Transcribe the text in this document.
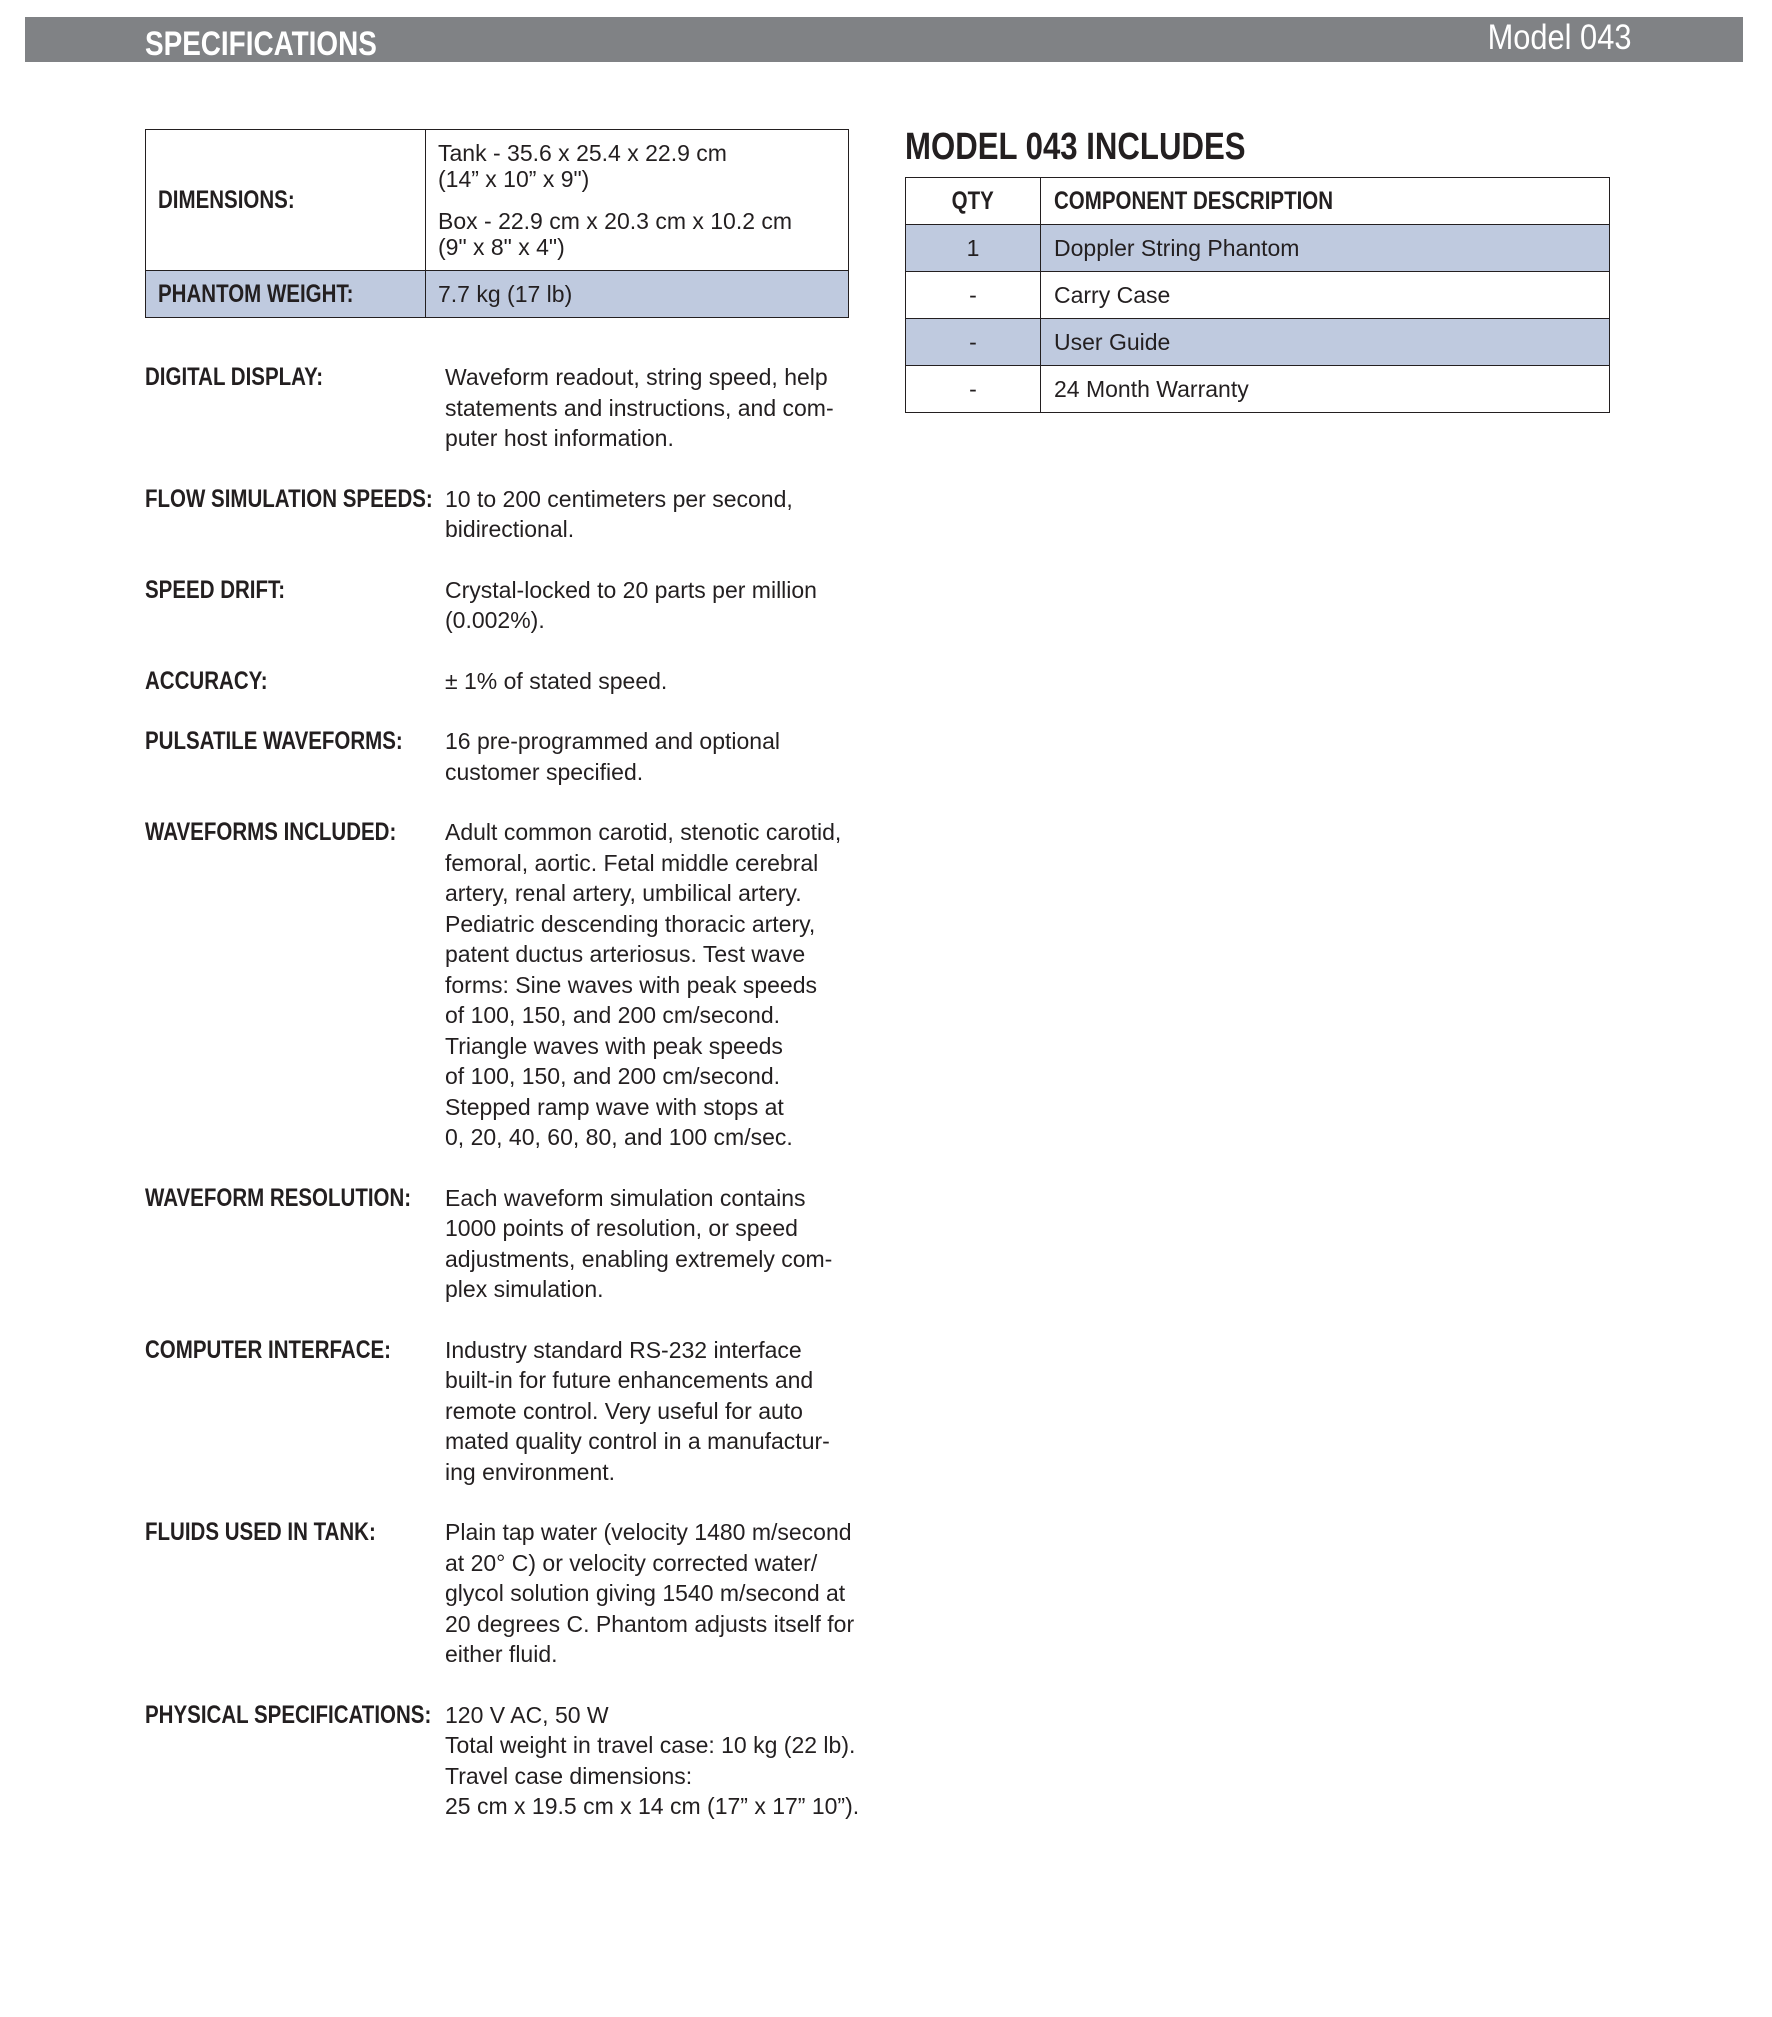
SPECIFICATIONS	Model 043
DIMENSIONS:	Tank - 35.6 x 25.4 x 22.9 cm
(14” x 10” x 9")
Box - 22.9 cm x 20.3 cm x 10.2 cm
(9" x 8" x 4")

PHANTOM WEIGHT:	7.7 kg (17 lb)
DIGITAL DISPLAY:	Waveform readout, string speed, help
statements and instructions, and com-
puter host information.
FLOW SIMULATION SPEEDS: 10 to 200 centimeters per second,
bidirectional.
SPEED DRIFT:	Crystal-locked to 20 parts per million
(0.002%).
ACCURACY:	± 1% of stated speed.
PULSATILE WAVEFORMS:	16 pre-programmed and optional
customer specified.
WAVEFORMS INCLUDED:	Adult common carotid, stenotic carotid,
femoral, aortic. Fetal middle cerebral
artery, renal artery, umbilical artery.
Pediatric descending thoracic artery,
patent ductus arteriosus. Test wave
forms: Sine waves with peak speeds
of 100, 150, and 200 cm/second.
Triangle waves with peak speeds
of 100, 150, and 200 cm/second.
Stepped ramp wave with stops at
0, 20, 40, 60, 80, and 100 cm/sec.
WAVEFORM RESOLUTION:	Each waveform simulation contains
1000 points of resolution, or speed
adjustments, enabling extremely com-
plex simulation.
COMPUTER INTERFACE:	Industry standard RS-232 interface
built-in for future enhancements and
remote control. Very useful for auto
mated quality control in a manufactur-
ing environment.
FLUIDS USED IN TANK:	Plain tap water (velocity 1480 m/second
at 20° C) or velocity corrected water/
glycol solution giving 1540 m/second at
20 degrees C. Phantom adjusts itself for
either fluid.
PHYSICAL SPECIFICATIONS: 120 V AC, 50 W
Total weight in travel case: 10 kg (22 lb).
Travel case dimensions:
25 cm x 19.5 cm x 14 cm (17” x 17” 10”).
MODEL 043 INCLUDES
QTY	COMPONENT DESCRIPTION
1	Doppler String Phantom
-	Carry Case
-	User Guide
-	24 Month Warranty
